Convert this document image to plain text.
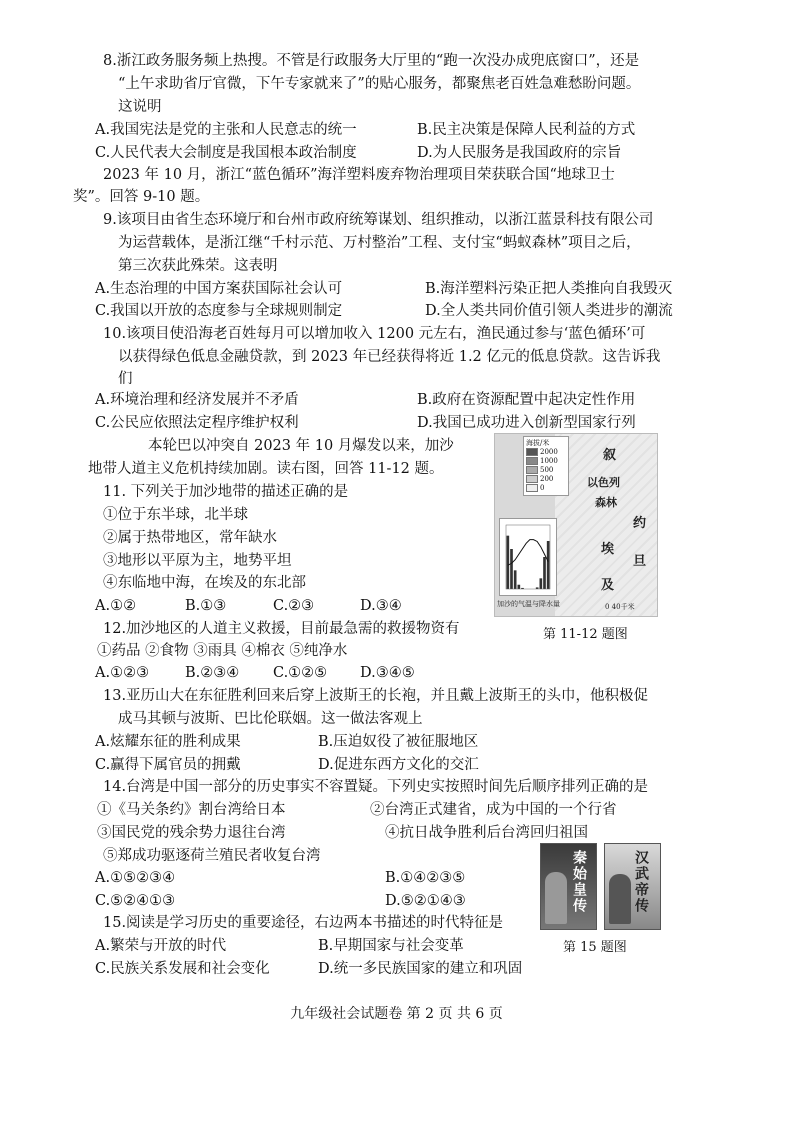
8.浙江政务服务频上热搜。不管是行政服务大厅里的“跑一次没办成兜底窗口”，还是
“上午求助省厅官微，下午专家就来了”的贴心服务，都聚焦老百姓急难愁盼问题。
这说明
A.我国宪法是党的主张和人民意志的统一	B.民主决策是保障人民利益的方式
C.人民代表大会制度是我国根本政治制度	D.为人民服务是我国政府的宗旨
2023 年 10 月，浙江“蓝色循环”海洋塑料废弃物治理项目荣获联合国“地球卫士
奖”。回答 9-10 题。
9.该项目由省生态环境厅和台州市政府统筹谋划、组织推动，以浙江蓝景科技有限公司
为运营载体，是浙江继“千村示范、万村整治”工程、支付宝“蚂蚁森林”项目之后，
第三次获此殊荣。这表明
A.生态治理的中国方案获国际社会认可	B.海洋塑料污染正把人类推向自我毁灭
C.我国以开放的态度参与全球规则制定	D.全人类共同价值引领人类进步的潮流
10.该项目使沿海老百姓每月可以增加收入 1200 元左右，渔民通过参与‘蓝色循环’可
以获得绿色低息金融贷款，到 2023 年已经获得将近 1.2 亿元的低息贷款。这告诉我
们
A.环境治理和经济发展并不矛盾	B.政府在资源配置中起决定性作用
C.公民应依照法定程序维护权利	D.我国已成功进入创新型国家行列
本轮巴以冲突自 2023 年 10 月爆发以来，加沙
地带人道主义危机持续加剧。读右图，回答 11-12 题。
11. 下列关于加沙地带的描述正确的是
①位于东半球，北半球
②属于热带地区，常年缺水
③地形以平原为主，地势平坦
④东临地中海，在埃及的东北部
A.①②	B.①③	C.②③	D.③④
12.加沙地区的人道主义救援，目前最急需的救援物资有
①药品 ②食物 ③雨具 ④棉衣 ⑤纯净水
A.①②③ B.②③④ C.①②⑤ D.③④⑤
海拔/米
2000
1000
500
200
0
叙
以色列
森林
约
旦
埃
及
0 40千米
加沙的气温与降水量
第 11-12 题图
13.亚历山大在东征胜利回来后穿上波斯王的长袍，并且戴上波斯王的头巾，他积极促
成马其顿与波斯、巴比伦联姻。这一做法客观上
A.炫耀东征的胜利成果	B.压迫奴役了被征服地区
C.赢得下属官员的拥戴	D.促进东西方文化的交汇
14.台湾是中国一部分的历史事实不容置疑。下列史实按照时间先后顺序排列正确的是
①《马关条约》割台湾给日本	②台湾正式建省，成为中国的一个行省
③国民党的残余势力退往台湾	④抗日战争胜利后台湾回归祖国
⑤郑成功驱逐荷兰殖民者收复台湾
A.①⑤②③④	B.①④②③⑤
C.⑤②④①③	D.⑤②①④③
15.阅读是学习历史的重要途径，右边两本书描述的时代特征是
A.繁荣与开放的时代	B.早期国家与社会变革
C.民族关系发展和社会变化	D.统一多民族国家的建立和巩固
秦始皇传	汉武帝传
第 15 题图
九年级社会试题卷 第 2 页 共 6 页
